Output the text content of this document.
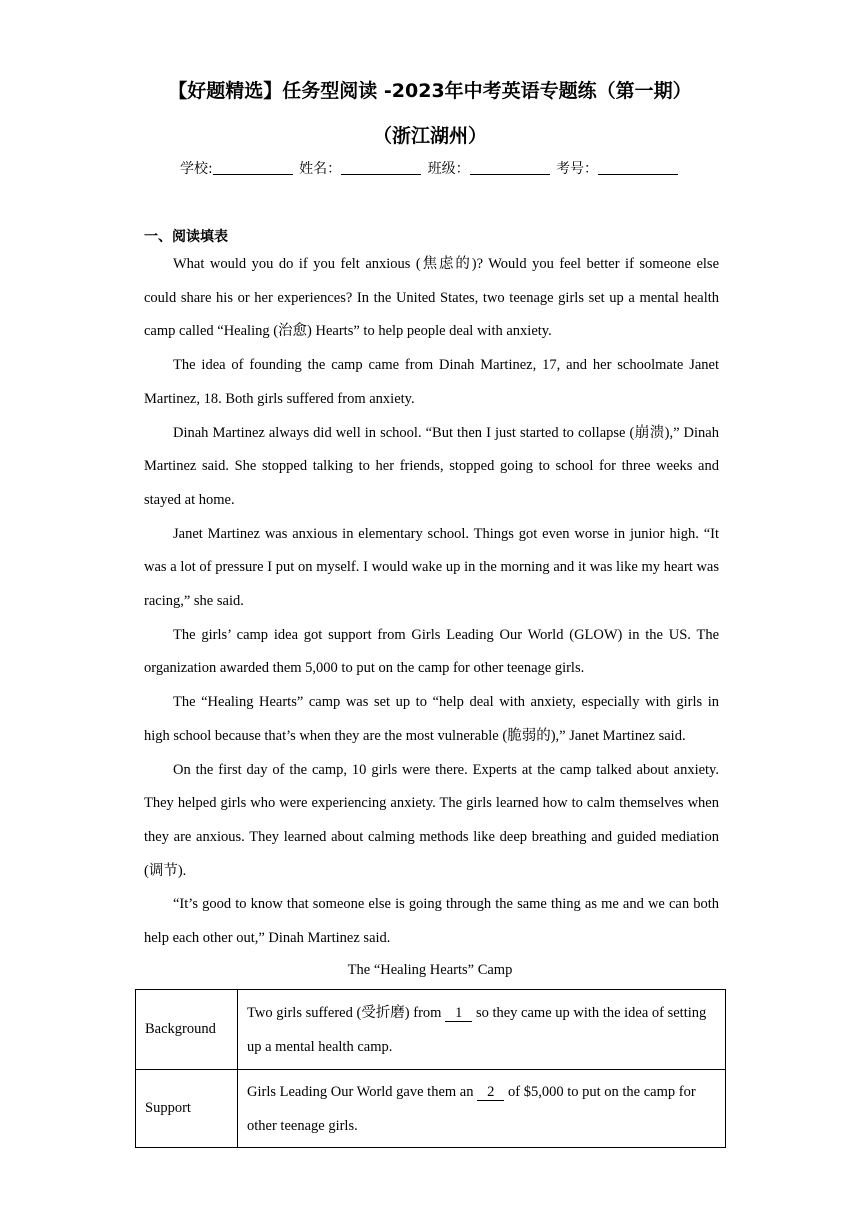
【好题精选】任务型阅读 -2023年中考英语专题练（第一期）
（浙江湖州）
学校:	姓名：	班级：	考号：
一、阅读填表

What would you do if you felt anxious (焦虑的)? Would you feel better if someone else could share his or her experiences? In the United States, two teenage girls set up a mental health camp called “Healing (治愈) Hearts” to help people deal with anxiety.

The idea of founding the camp came from Dinah Martinez, 17, and her schoolmate Janet Martinez, 18. Both girls suffered from anxiety.

Dinah Martinez always did well in school. “But then I just started to collapse (崩溃),” Dinah Martinez said. She stopped talking to her friends, stopped going to school for three weeks and stayed at home.

Janet Martinez was anxious in elementary school. Things got even worse in junior high. “It was a lot of pressure I put on myself. I would wake up in the morning and it was like my heart was racing,” she said.

The girls’ camp idea got support from Girls Leading Our World (GLOW) in the US. The organization awarded them 5,000 to put on the camp for other teenage girls.

The “Healing Hearts” camp was set up to “help deal with anxiety, especially with girls in high school because that’s when they are the most vulnerable (脆弱的),” Janet Martinez said.

On the first day of the camp, 10 girls were there. Experts at the camp talked about anxiety. They helped girls who were experiencing anxiety. The girls learned how to calm themselves when they are anxious. They learned about calming methods like deep breathing and guided mediation (调节).

“It’s good to know that someone else is going through the same thing as me and we can both help each other out,” Dinah Martinez said.

The “Healing Hearts” Camp
Background	Two girls suffered (受折磨) from 1 so they came up with the idea of setting up a mental health camp.
Support	Girls Leading Our World gave them an 2 of $5,000 to put on the camp for other teenage girls.
